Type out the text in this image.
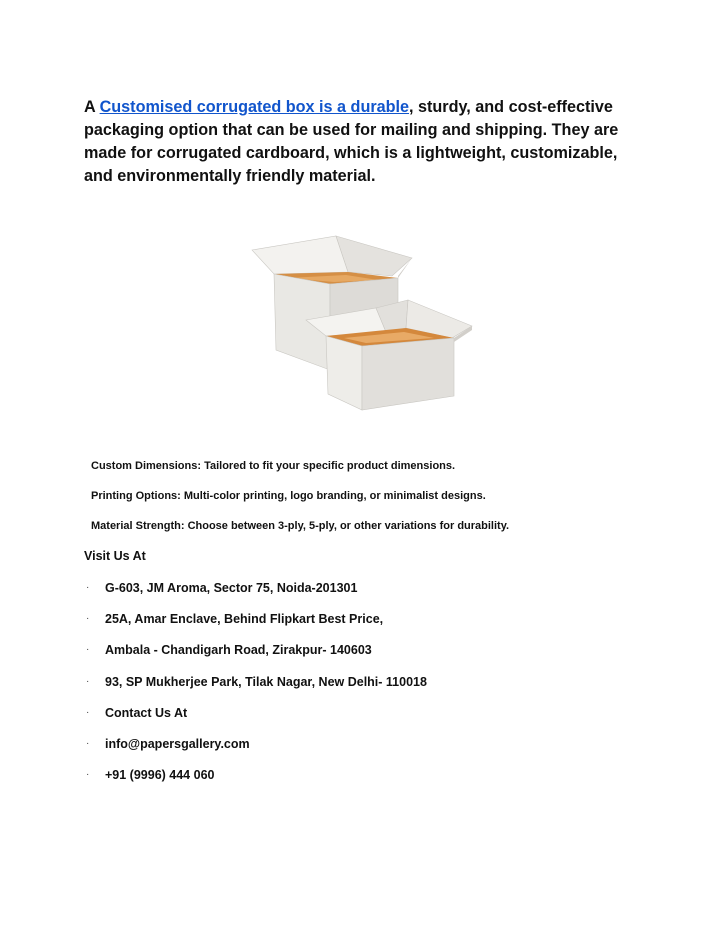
A Customised corrugated box is a durable, sturdy, and cost-effective packaging option that can be used for mailing and shipping. They are made for corrugated cardboard, which is a lightweight, customizable, and environmentally friendly material.

Custom Dimensions: Tailored to fit your specific product dimensions.
Printing Options: Multi-color printing, logo branding, or minimalist designs.
Material Strength: Choose between 3-ply, 5-ply, or other variations for durability.

Visit Us At

· G-603, JM Aroma, Sector 75, Noida-201301
· 25A, Amar Enclave, Behind Flipkart Best Price,
· Ambala - Chandigarh Road, Zirakpur- 140603
· 93, SP Mukherjee Park, Tilak Nagar, New Delhi- 110018
· Contact Us At
· info@papersgallery.com
· +91 (9996) 444 060
